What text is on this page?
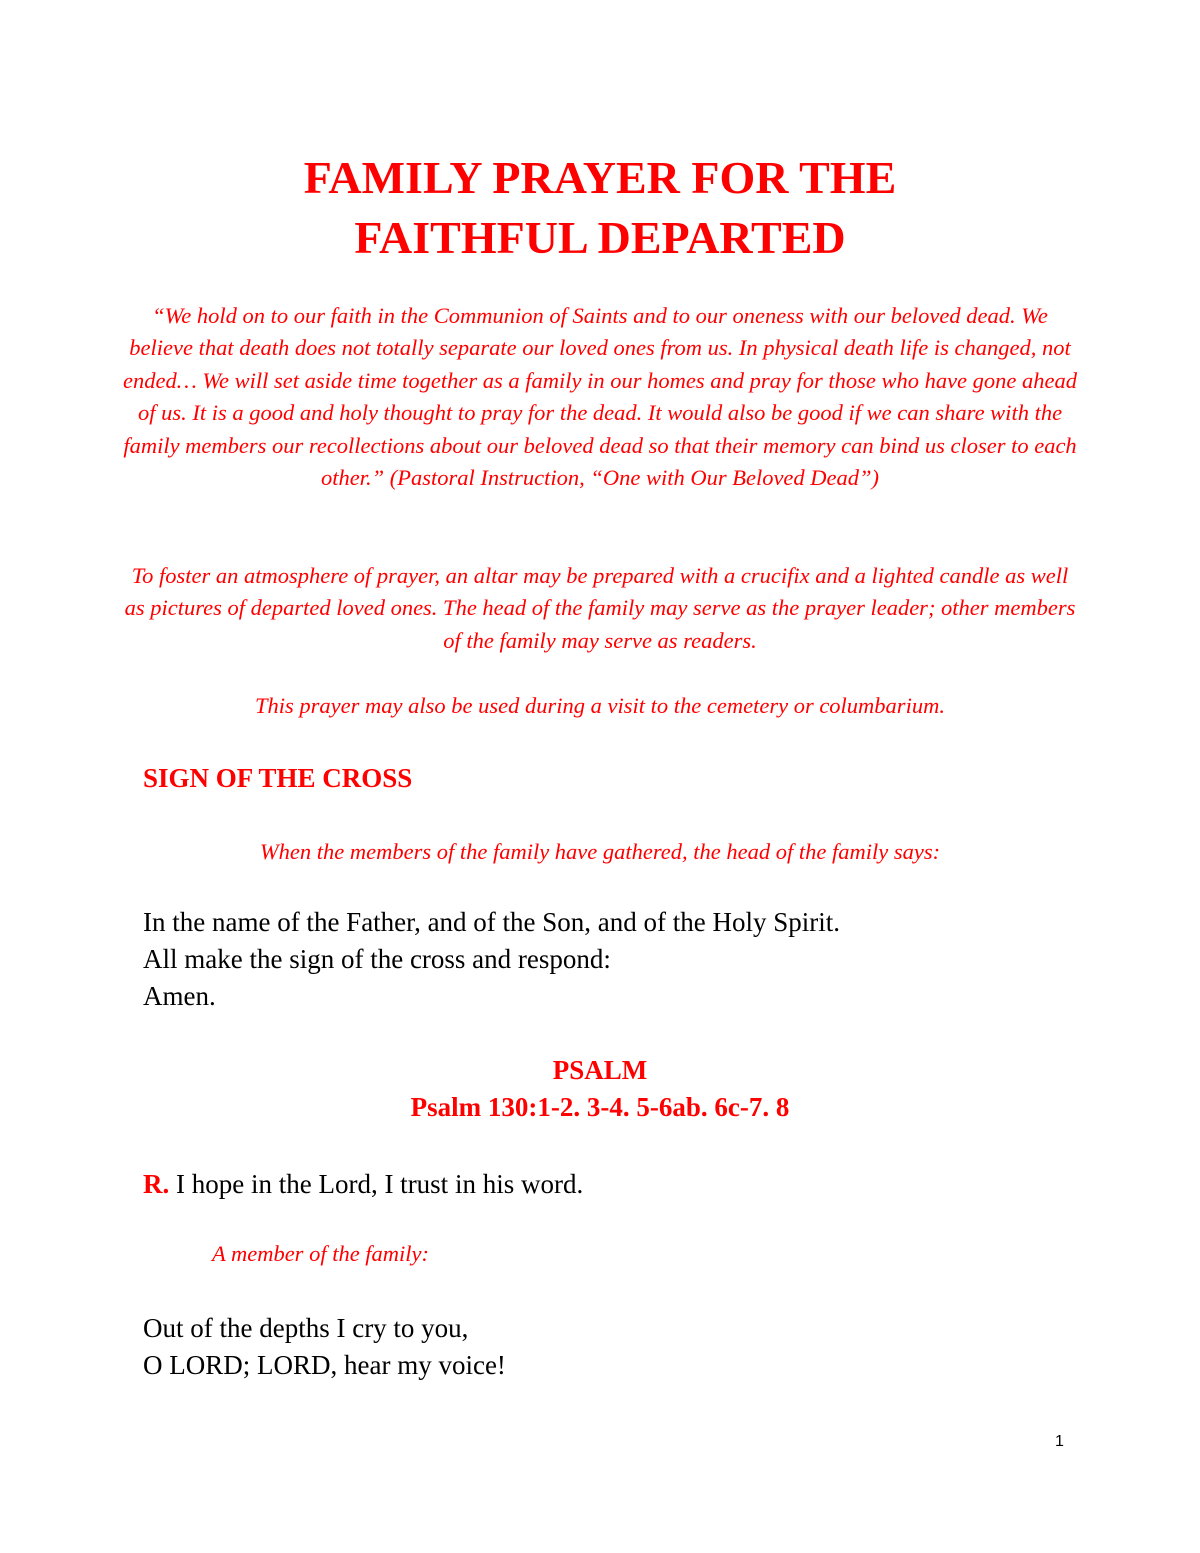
FAMILY PRAYER FOR THE
FAITHFUL DEPARTED

“We hold on to our faith in the Communion of Saints and to our oneness with our beloved dead. We believe that death does not totally separate our loved ones from us. In physical death life is changed, not ended… We will set aside time together as a family in our homes and pray for those who have gone ahead of us. It is a good and holy thought to pray for the dead. It would also be good if we can share with the family members our recollections about our beloved dead so that their memory can bind us closer to each other.” (Pastoral Instruction, “One with Our Beloved Dead”)

To foster an atmosphere of prayer, an altar may be prepared with a crucifix and a lighted candle as well as pictures of departed loved ones. The head of the family may serve as the prayer leader; other members of the family may serve as readers.

This prayer may also be used during a visit to the cemetery or columbarium.

SIGN OF THE CROSS

When the members of the family have gathered, the head of the family says:

In the name of the Father, and of the Son, and of the Holy Spirit.
All make the sign of the cross and respond:
Amen.
PSALM
Psalm 130:1-2. 3-4. 5-6ab. 6c-7. 8

R. I hope in the Lord, I trust in his word.

A member of the family:

Out of the depths I cry to you,
O LORD; LORD, hear my voice!
1
